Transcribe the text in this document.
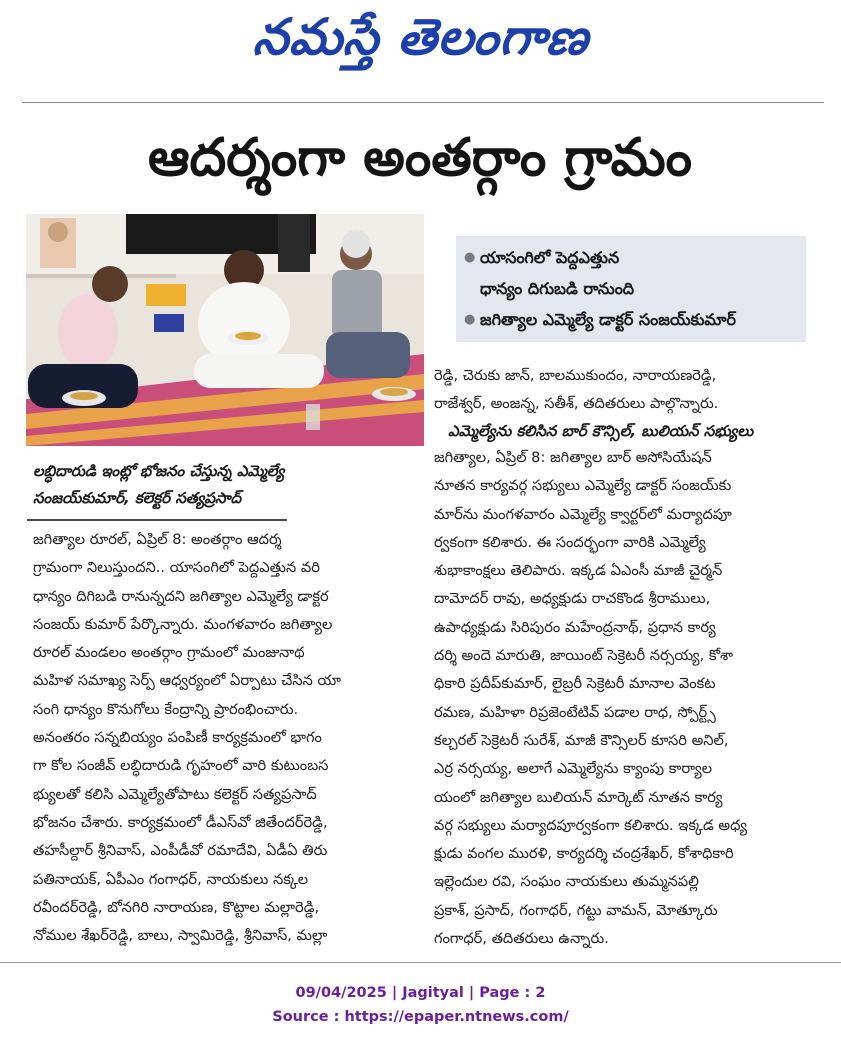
నమస్తే తెలంగాణ
ఆదర్శంగా అంతర్గాం గ్రామం

లబ్ధిదారుడి ఇంట్లో భోజనం చేస్తున్న ఎమ్మెల్యే

సంజయ్‌కుమార్, కలెక్టర్ సత్యప్రసాద్

● యాసంగిలో పెద్దఎత్తున
ధాన్యం దిగుబడి రానుంది
● జగిత్యాల ఎమ్మెల్యే డాక్టర్ సంజయ్‌కుమార్

జగిత్యాల రూరల్, ఏప్రిల్ 8: అంతర్గాం ఆదర్శ

గ్రామంగా నిలుస్తుందని.. యాసంగిలో పెద్దఎత్తున వరి

ధాన్యం దిగిబడి రానున్నదని జగిత్యాల ఎమ్మెల్యే డాక్టర

సంజయ్ కుమార్ పేర్కొన్నారు. మంగళవారం జగిత్యాల

రూరల్ మండలం అంతర్గాం గ్రామంలో మంజునాథ

మహిళ సమాఖ్య సెర్ప్ ఆధ్వర్యంలో ఏర్పాటు చేసిన యా

సంగి ధాన్యం కొనుగోలు కేంద్రాన్ని ప్రారంభించారు.

అనంతరం సన్నబియ్యం పంపిణీ కార్యక్రమంలో భాగం

గా కోల సంజీవ్ లబ్ధిదారుడి గృహంలో వారి కుటుంబస

భ్యులతో కలిసి ఎమ్మెల్యేతోపాటు కలెక్టర్ సత్యప్రసాద్

భోజనం చేశారు. కార్యక్రమంలో డీఎస్‌వో జితేందర్‌రెడ్డి,

తహసీల్దార్ శ్రీనివాస్, ఎంపీడీవో రమాదేవి, ఏడీఏ తిరు

పతినాయక్, ఏపీఎం గంగాధర్, నాయకులు నక్కల

రవీందర్‌రెడ్డి, బోనగిరి నారాయణ, కొట్టాల మల్లారెడ్డి,

నోముల శేఖర్‌రెడ్డి, బాలు, స్వామిరెడ్డి, శ్రీనివాస్, మల్లా

రెడ్డి, చెరుకు జాన్, బాలముకుందం, నారాయణరెడ్డి,

రాజేశ్వర్, అంజన్న, సతీశ్, తదితరులు పాల్గొన్నారు.

ఎమ్మెల్యేను కలిసిన బార్ కౌన్సిల్, బులియన్ సభ్యులు

జగిత్యాల, ఏప్రిల్ 8: జగిత్యాల బార్ అసోసియేషన్

నూతన కార్యవర్గ సభ్యులు ఎమ్మెల్యే డాక్టర్ సంజయ్‌కు

మార్‌ను మంగళవారం ఎమ్మెల్యే క్వార్టర్‌లో మర్యాదపూ

ర్వకంగా కలిశారు. ఈ సందర్భంగా వారికి ఎమ్మెల్యే

శుభాకాంక్షలు తెలిపారు. ఇక్కడ ఏఎంసీ మాజీ చైర్మన్

దామోదర్ రావు, అధ్యక్షుడు రాచకొండ శ్రీరాములు,

ఉపాధ్యక్షుడు సిరిపురం మహేంద్రనాథ్, ప్రధాన కార్య

దర్శి అందె మారుతి, జాయింట్ సెక్రెటరీ నర్సయ్య, కోశా

ధికారి ప్రదీప్‌కుమార్, లైబ్రరీ సెక్రెటరీ మానాల వెంకట

రమణ, మహిళా రిప్రజెంటేటివ్ పడాల రాధ, స్పోర్ట్స్

కల్చరల్ సెక్రెటరీ సురేశ్, మాజీ కౌన్సిలర్ కూసరి అనిల్,

ఎర్ర నర్సయ్య, అలాగే ఎమ్మెల్యేను క్యాంపు కార్యాల

యంలో జగిత్యాల బులియన్ మార్కెట్ నూతన కార్య

వర్గ సభ్యులు మర్యాదపూర్వకంగా కలిశారు. ఇక్కడ అధ్య

క్షుడు వంగల మురళి, కార్యదర్శి చంద్రశేఖర్, కోశాధికారి

ఇల్లెందుల రవి, సంఘం నాయకులు తుమ్మనపల్లి

ప్రకాశ్, ప్రసాద్, గంగాధర్, గట్టు వామన్, మోత్కూరు

గంగాధర్, తదితరులు ఉన్నారు.

09/04/2025 | Jagityal | Page : 2
Source : https://epaper.ntnews.com/
